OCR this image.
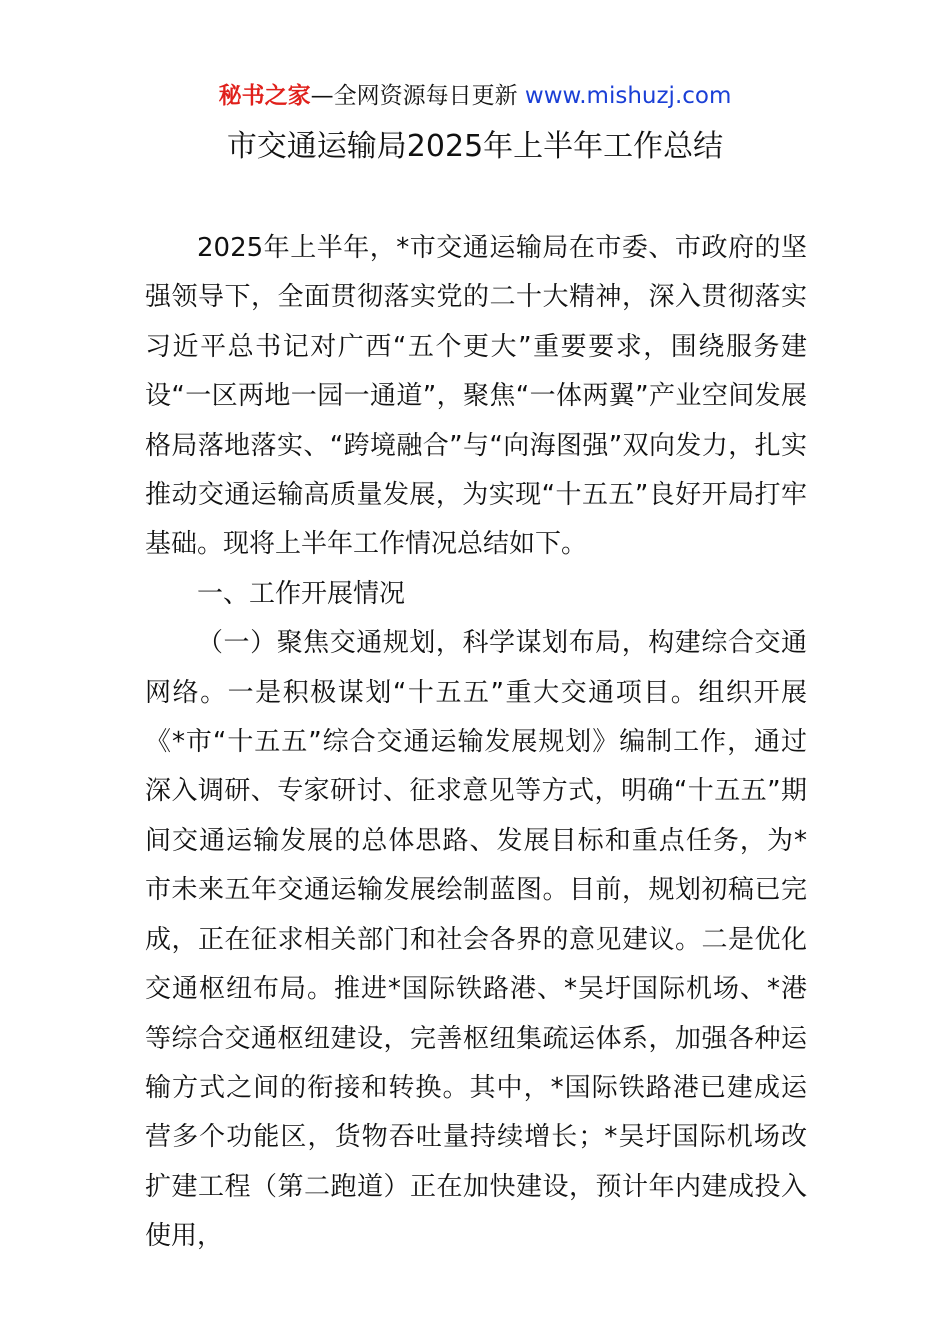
秘书之家—全网资源每日更新 www.mishuzj.com
市交通运输局2025年上半年工作总结

2025年上半年，*市交通运输局在市委、市政府的坚强领导下，全面贯彻落实党的二十大精神，深入贯彻落实习近平总书记对广西“五个更大”重要要求，围绕服务建设“一区两地一园一通道”，聚焦“一体两翼”产业空间发展格局落地落实、“跨境融合”与“向海图强”双向发力，扎实推动交通运输高质量发展，为实现“十五五”良好开局打牢基础。现将上半年工作情况总结如下。

一、工作开展情况

（一）聚焦交通规划，科学谋划布局，构建综合交通网络。一是积极谋划“十五五”重大交通项目。组织开展《*市“十五五”综合交通运输发展规划》编制工作，通过深入调研、专家研讨、征求意见等方式，明确“十五五”期间交通运输发展的总体思路、发展目标和重点任务，为*市未来五年交通运输发展绘制蓝图。目前，规划初稿已完成，正在征求相关部门和社会各界的意见建议。二是优化交通枢纽布局。推进*国际铁路港、*吴圩国际机场、*港等综合交通枢纽建设，完善枢纽集疏运体系，加强各种运输方式之间的衔接和转换。其中，*国际铁路港已建成运营多个功能区，货物吞吐量持续增长；*吴圩国际机场改扩建工程（第二跑道）正在加快建设，预计年内建成投入使用，
